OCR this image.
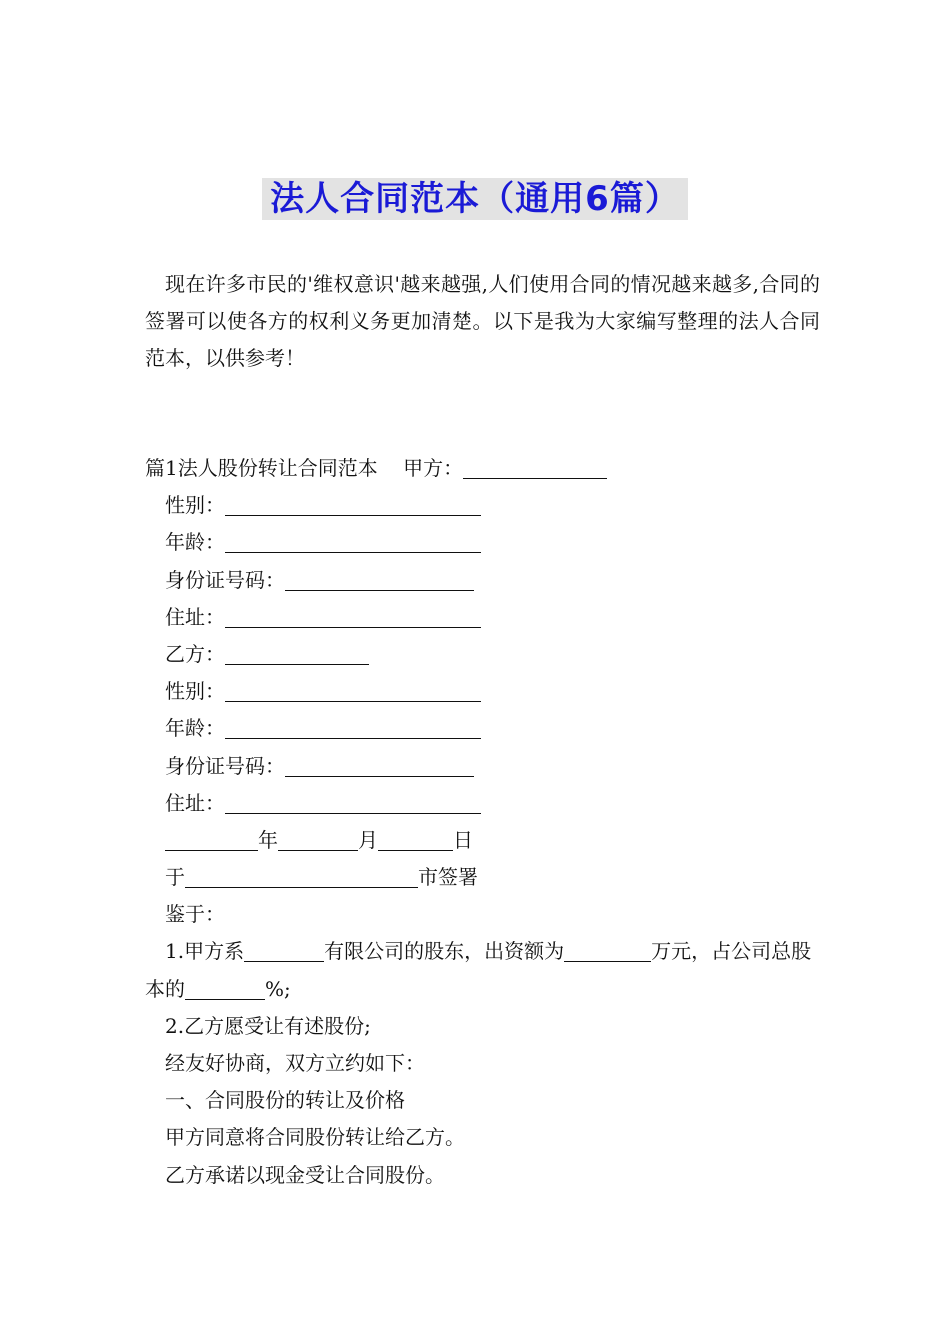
法人合同范本（通用6篇）
现在许多市民的'维权意识'越来越强,人们使用合同的情况越来越多,合同的签署可以使各方的权利义务更加清楚。以下是我为大家编写整理的法人合同范本，以供参考！
篇1法人股份转让合同范本 甲方：
性别：
年龄：
身份证号码：
住址：
乙方：
性别：
年龄：
身份证号码：
住址：
年	月	日
于	市签署
鉴于：
1.甲方系	有限公司的股东，出资额为	万元，占公司总股本的	%;
2.乙方愿受让有述股份;
经友好协商，双方立约如下：
一、合同股份的转让及价格
甲方同意将合同股份转让给乙方。
乙方承诺以现金受让合同股份。
